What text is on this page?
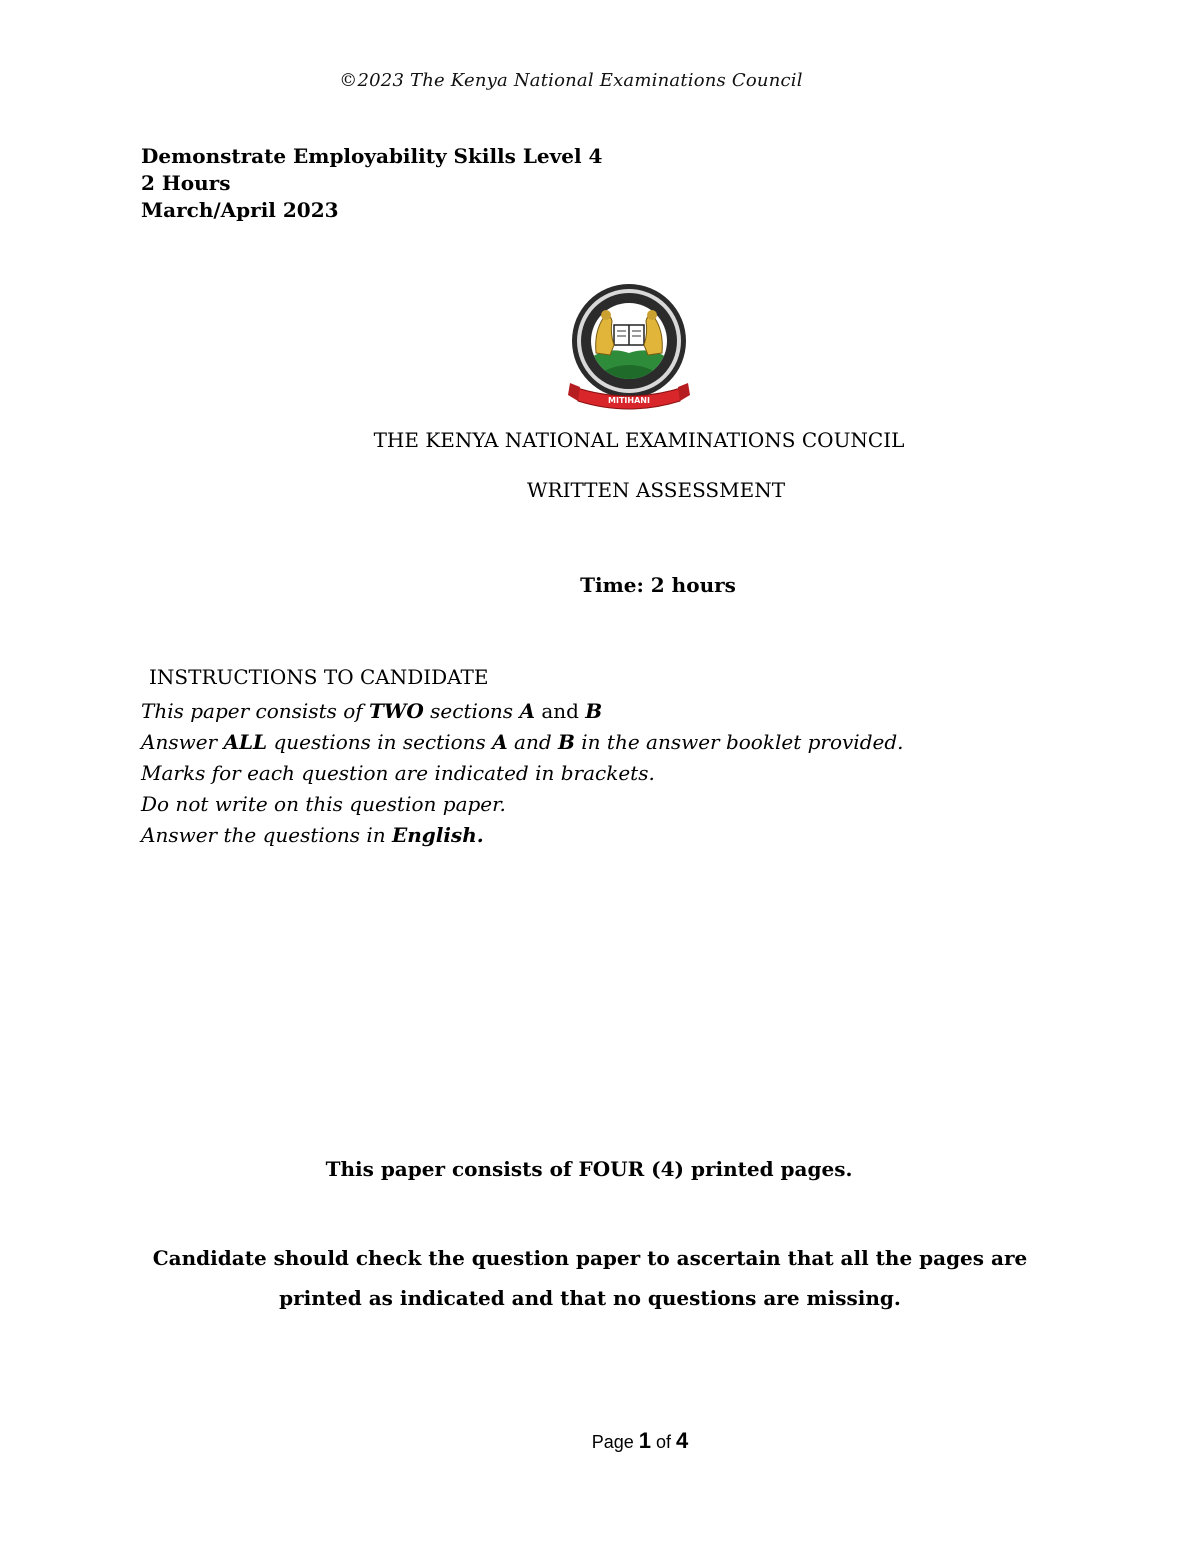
©2023 The Kenya National Examinations Council
Demonstrate Employability Skills Level 4
2 Hours
March/April 2023
MITIHANI
THE KENYA NATIONAL EXAMINATIONS COUNCIL
WRITTEN ASSESSMENT
Time: 2 hours
INSTRUCTIONS TO CANDIDATE
This paper consists of TWO sections A and B
Answer ALL questions in sections A and B in the answer booklet provided.
Marks for each question are indicated in brackets.
Do not write on this question paper.
Answer the questions in English.
This paper consists of FOUR (4) printed pages.
Candidate should check the question paper to ascertain that all the pages are printed as indicated and that no questions are missing.
Page 1 of 4
